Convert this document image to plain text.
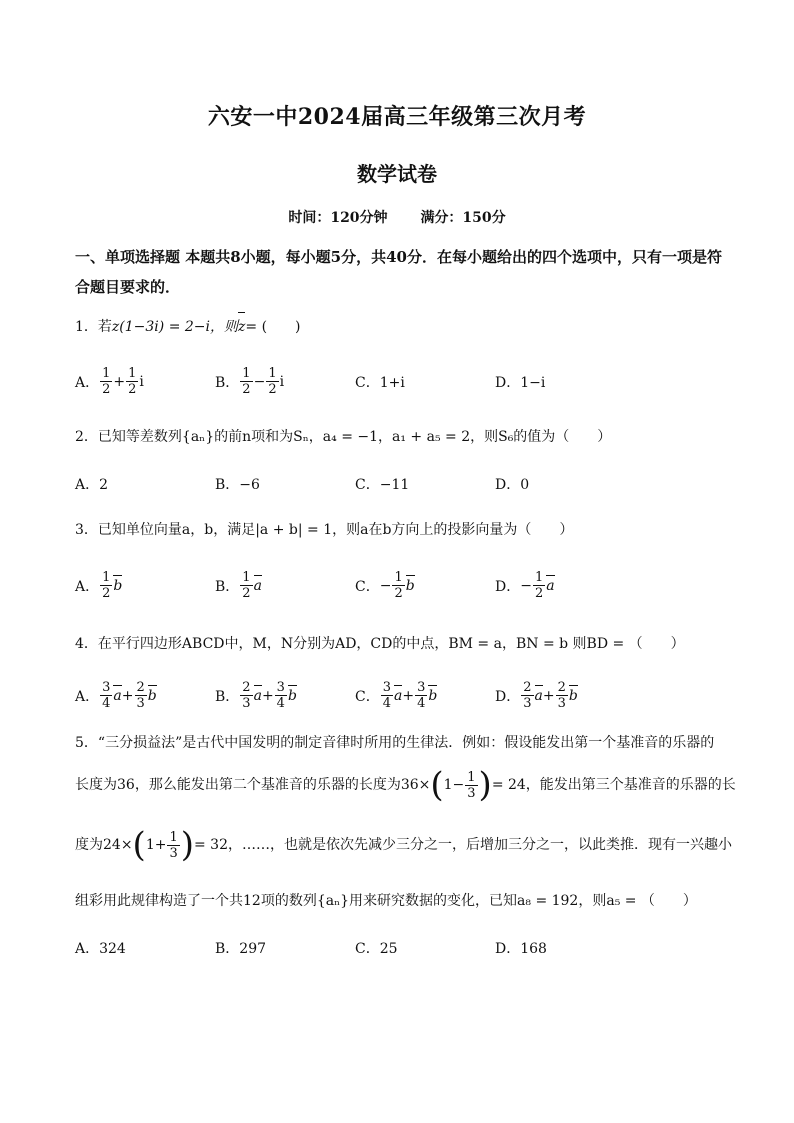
六安一中2024届高三年级第三次月考
数学试卷
时间：120分钟 满分：150分
一、单项选择题 本题共8小题，每小题5分，共40分．在每小题给出的四个选项中，只有一项是符合题目要求的．
1．若z(1−3i) = 2−i，则z= (　　)
A． $\frac{1}{2} + \frac{1}{2}$ i	B． $\frac{1}{2} - \frac{1}{2}$ i	C．1+i	D．1−i
2．已知等差数列{aₙ}的前n项和为Sₙ，a₄ = −1，a₁ + a₅ = 2，则S₆的值为（　　）
A．2	B．−6	C．−11	D．0
3．已知单位向量a，b，满足|a + b| = 1，则a在b方向上的投影向量为（　　）
A． $\frac{1}{2}$ b	B． $\frac{1}{2}$ a	C． − $\frac{1}{2}$ b	D． − $\frac{1}{2}$ a
4．在平行四边形ABCD中，M，N分别为AD，CD的中点，BM = a，BN = b 则BD = （　　）
A． $\frac{3}{4}$ $a + \frac{2}{3}$ b	B． $\frac{2}{3}$ $a + \frac{3}{4}$ b	C． $\frac{3}{4}$ $a + \frac{3}{4}$ b	D． $\frac{2}{3}$ $a + \frac{2}{3}$ b
5．“三分损益法”是古代中国发明的制定音律时所用的生律法．例如：假设能发出第一个基准音的乐器的
长度为36，那么能发出第二个基准音的乐器的长度为$36\times(1- \frac{1}{3}$ )= 24，能发出第三个基准音的乐器的长
度为$24\times(1+ \frac{1}{3}$ )= 32，……，也就是依次先减少三分之一，后增加三分之一，以此类推．现有一兴趣小
组彩用此规律构造了一个共12项的数列{aₙ}用来研究数据的变化，已知a₈ = 192，则a₅ = （　　）
A．324	B．297	C．25	D．168
